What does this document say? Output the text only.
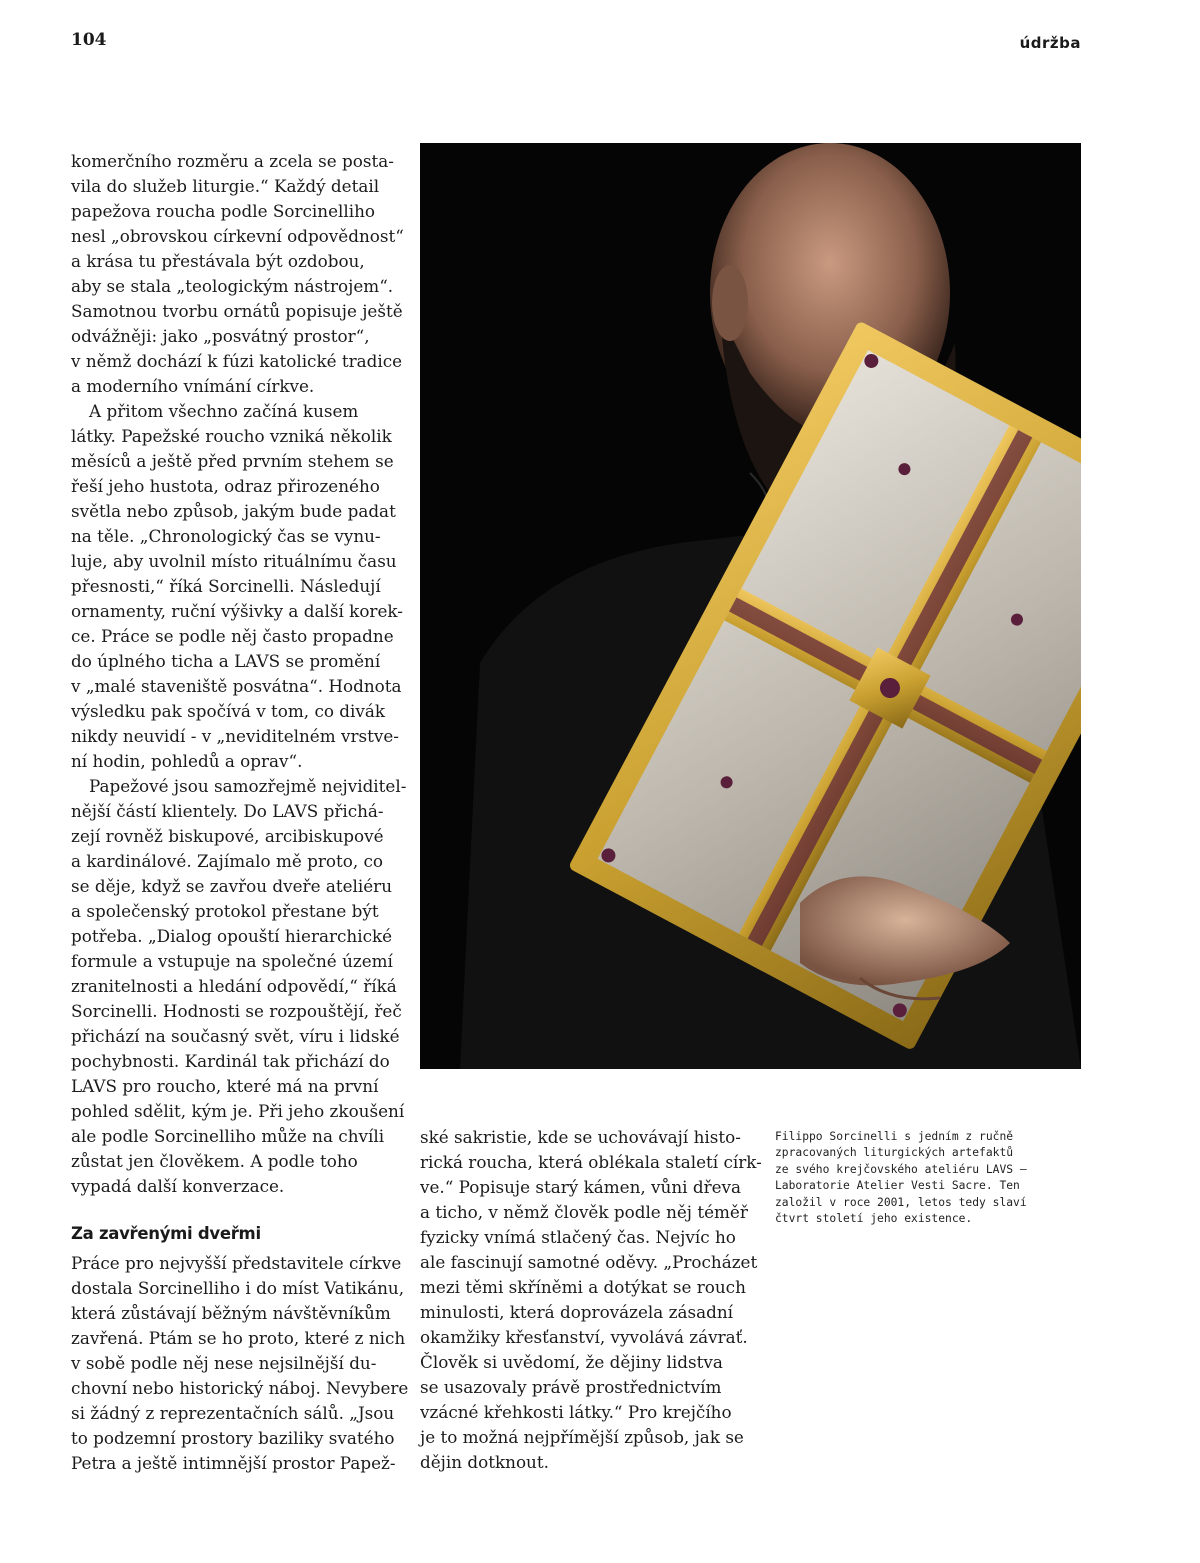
104	údržba
komerčního rozměru a zcela se posta-
vila do služeb liturgie.“ Každý detail
papežova roucha podle Sorcinelliho
nesl „obrovskou církevní odpovědnost“
a krása tu přestávala být ozdobou,
aby se stala „teologickým nástrojem“.
Samotnou tvorbu ornátů popisuje ještě
odvážněji: jako „posvátný prostor“,
v němž dochází k fúzi katolické tradice
a moderního vnímání církve.
A přitom všechno začíná kusem
látky. Papežské roucho vzniká několik
měsíců a ještě před prvním stehem se
řeší jeho hustota, odraz přirozeného
světla nebo způsob, jakým bude padat
na těle. „Chronologický čas se vynu-
luje, aby uvolnil místo rituálnímu času
přesnosti,“ říká Sorcinelli. Následují
ornamenty, ruční výšivky a další korek-
ce. Práce se podle něj často propadne
do úplného ticha a LAVS se promění
v „malé staveniště posvátna“. Hodnota
výsledku pak spočívá v tom, co divák
nikdy neuvidí - v „neviditelném vrstve-
ní hodin, pohledů a oprav“.
Papežové jsou samozřejmě nejviditel-
nější částí klientely. Do LAVS přichá-
zejí rovněž biskupové, arcibiskupové
a kardinálové. Zajímalo mě proto, co
se děje, když se zavřou dveře ateliéru
a společenský protokol přestane být
potřeba. „Dialog opouští hierarchické
formule a vstupuje na společné území
zranitelnosti a hledání odpovědí,“ říká
Sorcinelli. Hodnosti se rozpouštějí, řeč
přichází na současný svět, víru i lidské
pochybnosti. Kardinál tak přichází do
LAVS pro roucho, které má na první
pohled sdělit, kým je. Při jeho zkoušení
ale podle Sorcinelliho může na chvíli
zůstat jen člověkem. A podle toho
vypadá další konverzace.
Za zavřenými dveřmi
Práce pro nejvyšší představitele církve
dostala Sorcinelliho i do míst Vatikánu,
která zůstávají běžným návštěvníkům
zavřená. Ptám se ho proto, které z nich
v sobě podle něj nese nejsilnější du-
chovní nebo historický náboj. Nevybere
si žádný z reprezentačních sálů. „Jsou
to podzemní prostory baziliky svatého
Petra a ještě intimnější prostor Papež-
ské sakristie, kde se uchovávají histo-
rická roucha, která oblékala staletí círk-
ve.“ Popisuje starý kámen, vůni dřeva
a ticho, v němž člověk podle něj téměř
fyzicky vnímá stlačený čas. Nejvíc ho
ale fascinují samotné oděvy. „Procházet
mezi těmi skříněmi a dotýkat se rouch
minulosti, která doprovázela zásadní
okamžiky křesťanství, vyvolává závrať.
Člověk si uvědomí, že dějiny lidstva
se usazovaly právě prostřednictvím
vzácné křehkosti látky.“ Pro krejčího
je to možná nejpřímější způsob, jak se
dějin dotknout.
Filippo Sorcinelli s jedním z ručně
zpracovaných liturgických artefaktů
ze svého krejčovského ateliéru LAVS –
Laboratorie Atelier Vesti Sacre. Ten
založil v roce 2001, letos tedy slaví
čtvrt století jeho existence.
